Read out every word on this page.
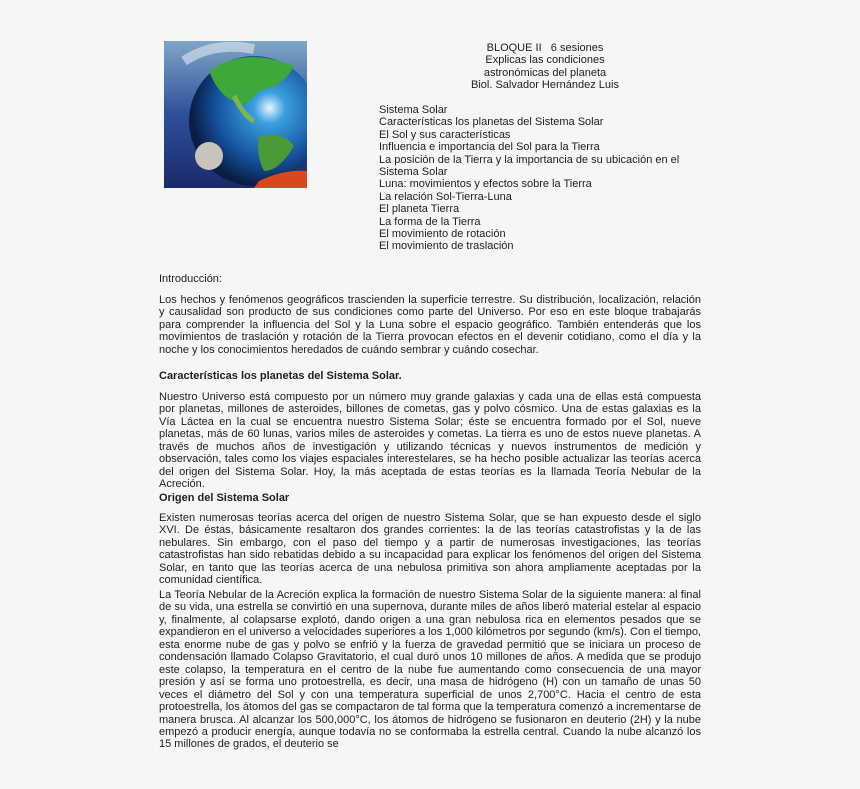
BLOQUE II   6 sesiones
Explicas las condiciones
astronómicas del planeta
Biol. Salvador Hernández Luis
Sistema Solar
Características los planetas del Sistema Solar
El Sol y sus características
Influencia e importancia del Sol para la Tierra
La posición de la Tierra y la importancia de su ubicación en el Sistema Solar
Luna: movimientos y efectos sobre la Tierra
La relación Sol-Tierra-Luna
El planeta Tierra
La forma de la Tierra
El movimiento de rotación
El movimiento de traslación

Introducción:

Los hechos y fenómenos geográficos trascienden la superficie terrestre. Su distribución, localización, relación y causalidad son producto de sus condiciones como parte del Universo. Por eso en este bloque trabajarás para comprender la influencia del Sol y la Luna sobre el espacio geográfico. También entenderás que los movimientos de traslación y rotación de la Tierra provocan efectos en el devenir cotidiano, como el día y la noche y los conocimientos heredados de cuándo sembrar y cuándo cosechar.

Características los planetas del Sistema Solar.

Nuestro Universo está compuesto por un número muy grande galaxias y cada una de ellas está compuesta por planetas, millones de asteroides, billones de cometas, gas y polvo cósmico. Una de estas galaxias es la Vía Láctea en la cual se encuentra nuestro Sistema Solar; éste se encuentra formado por el Sol, nueve planetas, más de 60 lunas, varios miles de asteroides y cometas. La tierra es uno de estos nueve planetas. A través de muchos años de investigación y utilizando técnicas y nuevos instrumentos de medición y observación, tales como los viajes espaciales interestelares, se ha hecho posible actualizar las teorías acerca del origen del Sistema Solar. Hoy, la más aceptada de estas teorías es la llamada Teoría Nebular de la Acreción.

Origen del Sistema Solar

Existen numerosas teorías acerca del origen de nuestro Sistema Solar, que se han expuesto desde el siglo XVI. De éstas, básicamente resaltaron dos grandes corrientes: la de las teorías catastrofistas y la de las nebulares. Sin embargo, con el paso del tiempo y a partir de numerosas investigaciones, las teorías catastrofistas han sido rebatidas debido a su incapacidad para explicar los fenómenos del origen del Sistema Solar, en tanto que las teorías acerca de una nebulosa primitiva son ahora ampliamente aceptadas por la comunidad científica.

La Teoría Nebular de la Acreción explica la formación de nuestro Sistema Solar de la siguiente manera: al final de su vida, una estrella se convirtió en una supernova, durante miles de años liberó material estelar al espacio y, finalmente, al colapsarse explotó, dando origen a una gran nebulosa rica en elementos pesados que se expandieron en el universo a velocidades superiores a los 1,000 kilómetros por segundo (km/s). Con el tiempo, esta enorme nube de gas y polvo se enfrió y la fuerza de gravedad permitió que se iniciara un proceso de condensación llamado Colapso Gravitatorio, el cual duró unos 10 millones de años. A medida que se produjo este colapso, la temperatura en el centro de la nube fue aumentando como consecuencia de una mayor presión y así se forma uno protoestrella, es decir, una masa de hidrógeno (H) con un tamaño de unas 50 veces el diámetro del Sol y con una temperatura superficial de unos 2,700°C. Hacia el centro de esta protoestrella, los átomos del gas se compactaron de tal forma que la temperatura comenzó a incrementarse de manera brusca. Al alcanzar los 500,000°C, los átomos de hidrógeno se fusionaron en deuterio (2H) y la nube empezó a producir energía, aunque todavía no se conformaba la estrella central. Cuando la nube alcanzó los 15 millones de grados, el deuterio se
